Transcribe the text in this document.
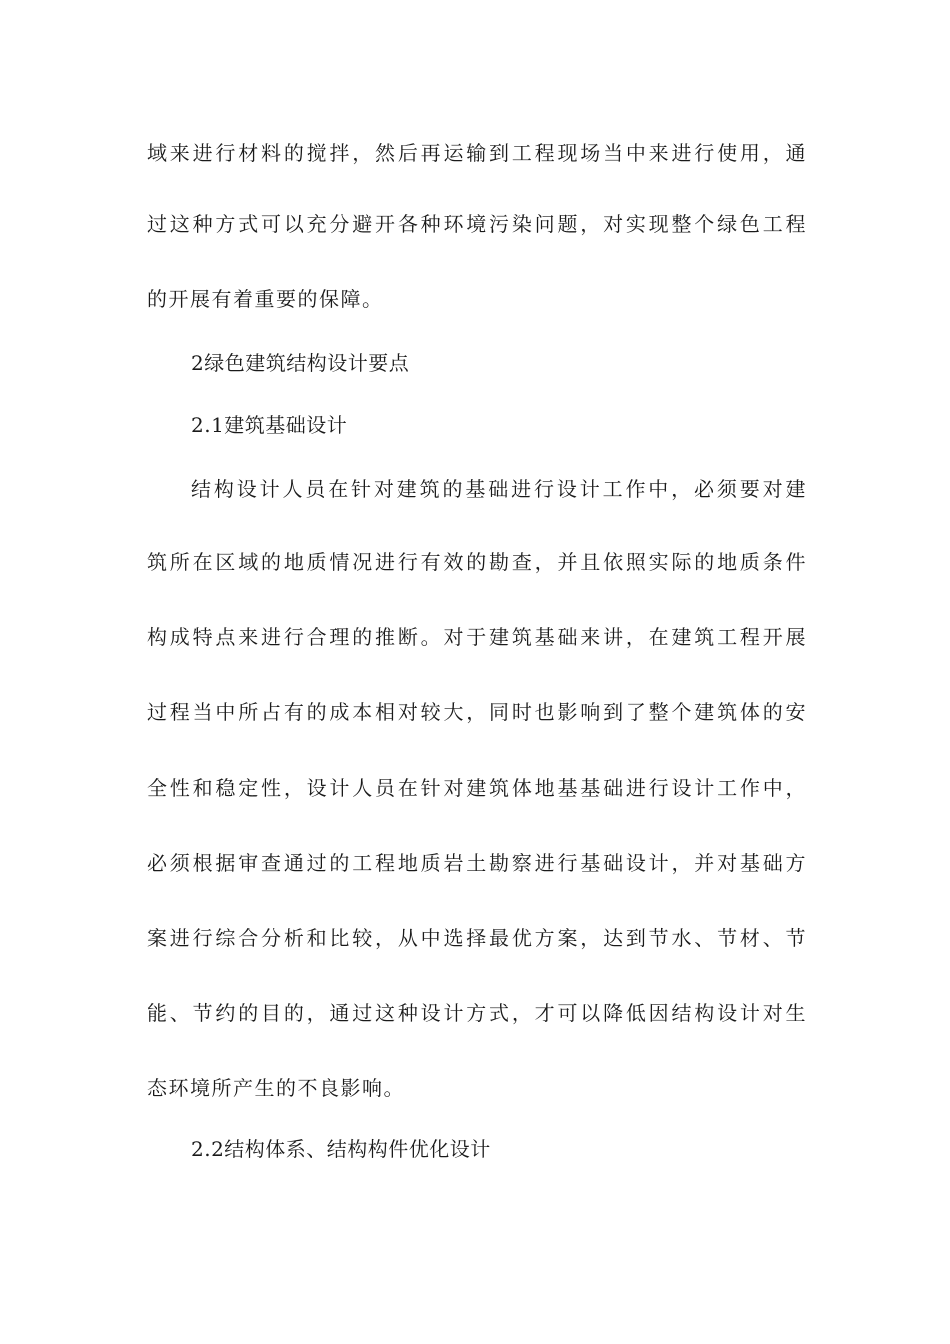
域来进行材料的搅拌，然后再运输到工程现场当中来进行使用，通

过这种方式可以充分避开各种环境污染问题，对实现整个绿色工程

的开展有着重要的保障。

2绿色建筑结构设计要点

2.1建筑基础设计

结构设计人员在针对建筑的基础进行设计工作中，必须要对建

筑所在区域的地质情况进行有效的勘查，并且依照实际的地质条件

构成特点来进行合理的推断。对于建筑基础来讲，在建筑工程开展

过程当中所占有的成本相对较大，同时也影响到了整个建筑体的安

全性和稳定性，设计人员在针对建筑体地基基础进行设计工作中，

必须根据审查通过的工程地质岩土勘察进行基础设计，并对基础方

案进行综合分析和比较，从中选择最优方案，达到节水、节材、节

能、节约的目的，通过这种设计方式，才可以降低因结构设计对生

态环境所产生的不良影响。

2.2结构体系、结构构件优化设计
